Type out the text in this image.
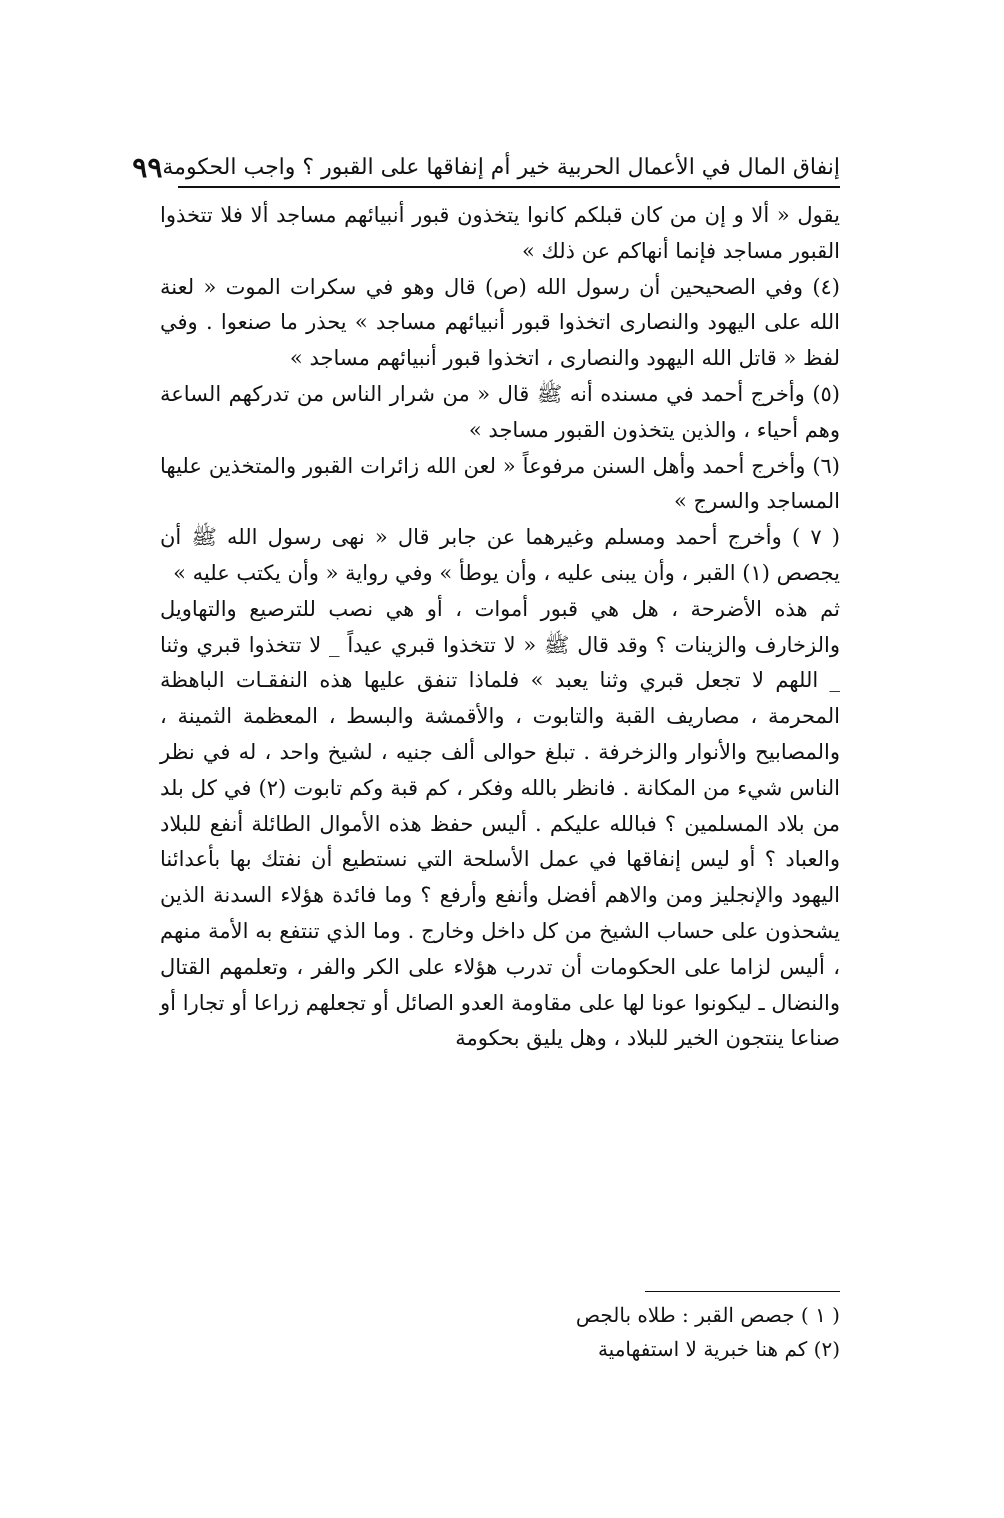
إنفاق المال في الأعمال الحربية خير أم إنفاقها على القبور ؟ واجب الحكومة
٩٩

يقول « ألا و إن من كان قبلكم كانوا يتخذون قبور أنبيائهم مساجد ألا فلا تتخذوا القبور مساجد فإنما أنهاكم عن ذلك »

(٤) وفي الصحيحين أن رسول الله (ص) قال وهو في سكرات الموت « لعنة الله على اليهود والنصارى اتخذوا قبور أنبيائهم مساجد » يحذر ما صنعوا . وفي لفظ « قاتل الله اليهود والنصارى ، اتخذوا قبور أنبيائهم مساجد »

(٥) وأخرج أحمد في مسنده أنه ﷺ قال « من شرار الناس من تدركهم الساعة وهم أحياء ، والذين يتخذون القبور مساجد »

(٦) وأخرج أحمد وأهل السنن مرفوعاً « لعن الله زائرات القبور والمتخذين عليها المساجد والسرج »

( ٧ ) وأخرج أحمد ومسلم وغيرهما عن جابر قال « نهى رسول الله ﷺ أن يجصص (١) القبر ، وأن يبنى عليه ، وأن يوطأ » وفي رواية « وأن يكتب عليه »

ثم هذه الأضرحة ، هل هي قبور أموات ، أو هي نصب للترصيع والتهاويل والزخارف والزينات ؟ وقد قال ﷺ « لا تتخذوا قبري عيداً _ لا تتخذوا قبري وثنا _ اللهم لا تجعل قبري وثنا يعبد » فلماذا تنفق عليها هذه النفقـات الباهظة المحرمة ، مصاريف القبة والتابوت ، والأقمشة والبسط ، المعظمة الثمينة ، والمصابيح والأنوار والزخرفة . تبلغ حوالى ألف جنيه ، لشيخ واحد ، له في نظر الناس شيء من المكانة . فانظر بالله وفكر ، كم قبة وكم تابوت (٢) في كل بلد من بلاد المسلمين ؟ فبالله عليكم . أليس حفظ هذه الأموال الطائلة أنفع للبلاد والعباد ؟ أو ليس إنفاقها في عمل الأسلحة التي نستطيع أن نفتك بها بأعدائنا اليهود والإنجليز ومن والاهم أفضل وأنفع وأرفع ؟ وما فائدة هؤلاء السدنة الذين يشحذون على حساب الشيخ من كل داخل وخارج . وما الذي تنتفع به الأمة منهم ، أليس لزاما على الحكومات أن تدرب هؤلاء على الكر والفر ، وتعلمهم القتال والنضال ـ ليكونوا عونا لها على مقاومة العدو الصائل أو تجعلهم زراعا أو تجارا أو صناعا ينتجون الخير للبلاد ، وهل يليق بحكومة

( ١ ) جصص القبر : طلاه بالجص
(٢) كم هنا خبرية لا استفهامية
